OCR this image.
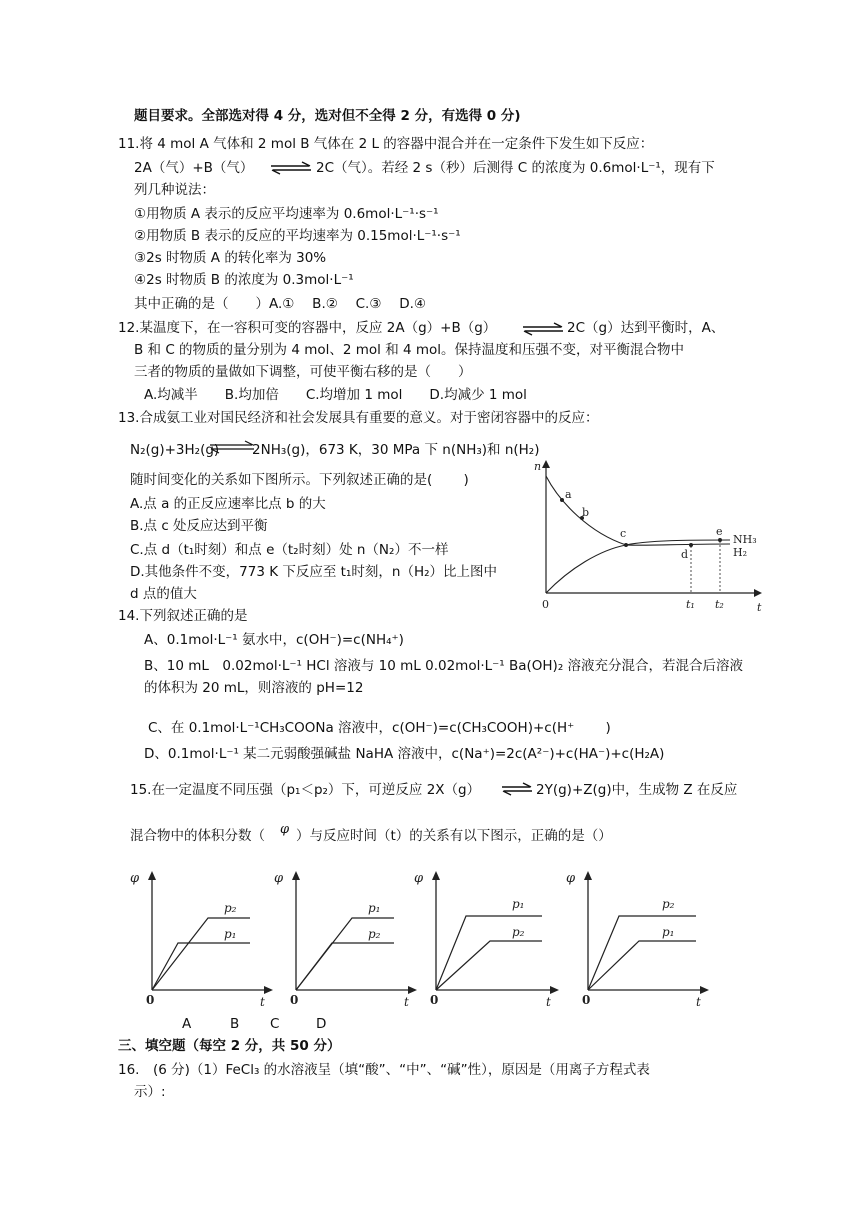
题目要求。全部选对得 4 分，选对但不全得 2 分，有选得 0 分)
11.将 4 mol A 气体和 2 mol B 气体在 2 L 的容器中混合并在一定条件下发生如下反应：
2A（气）+B（气） ⇌ 2C（气）。若经 2 s（秒）后测得 C 的浓度为 0.6mol·L⁻¹，现有下
列几种说法：
①用物质 A 表示的反应平均速率为 0.6mol·L⁻¹·s⁻¹
②用物质 B 表示的反应的平均速率为 0.15mol·L⁻¹·s⁻¹
③2s 时物质 A 的转化率为 30%
④2s 时物质 B 的浓度为 0.3mol·L⁻¹
其中正确的是（　　）A.①　 B.②　 C.③　 D.④
12.某温度下，在一容积可变的容器中，反应 2A（g）+B（g） ⇌ 2C（g）达到平衡时，A、
B 和 C 的物质的量分别为 4 mol、2 mol 和 4 mol。保持温度和压强不变，对平衡混合物中
三者的物质的量做如下调整，可使平衡右移的是（　　）
A.均减半　　B.均加倍　　C.均增加 1 mol　　D.均减少 1 mol
13.合成氨工业对国民经济和社会发展具有重要的意义。对于密闭容器中的反应：
N₂(g)+3H₂(g) 2NH₃(g)，673 K，30 MPa 下 n(NH₃)和 n(H₂)
随时间变化的关系如下图所示。下列叙述正确的是(　　 )
A.点 a 的正反应速率比点 b 的大
B.点 c 处反应达到平衡
C.点 d（t₁时刻）和点 e（t₂时刻）处 n（N₂）不一样
D.其他条件不变，773 K 下反应至 t₁时刻，n（H₂）比上图中
d 点的值大
n
0	t
a
b
c
d
e
t₁ t₂
NH₃
H₂
14.下列叙述正确的是
A、0.1mol·L⁻¹ 氨水中，c(OH⁻)=c(NH₄⁺)
B、10 mL　0.02mol·L⁻¹ HCl 溶液与 10 mL 0.02mol·L⁻¹ Ba(OH)₂ 溶液充分混合，若混合后溶液
的体积为 20 mL，则溶液的 pH=12
C、在 0.1mol·L⁻¹CH₃COONa 溶液中，c(OH⁻)=c(CH₃COOH)+c(H⁺　　 )
D、0.1mol·L⁻¹ 某二元弱酸强碱盐 NaHA 溶液中，c(Na⁺)=2c(A²⁻)+c(HA⁻)+c(H₂A)
15.在一定温度不同压强（p₁＜p₂）下，可逆反应 2X（g） ⇌ 2Y(g)+Z(g)中，生成物 Z 在反应
混合物中的体积分数（ φ ）与反应时间（t）的关系有以下图示，正确的是（）
φ
0	t
p₂
p₁
φ
0	t
p₁
p₂
φ
0	t
p₁
p₂
φ
0	t
p₂
p₁
A	B C	D
三、填空题（每空 2 分，共 50 分）
16.　(6 分)（1）FeCl₃ 的水溶液呈（填“酸”、“中”、“碱”性），原因是（用离子方程式表
示）:
